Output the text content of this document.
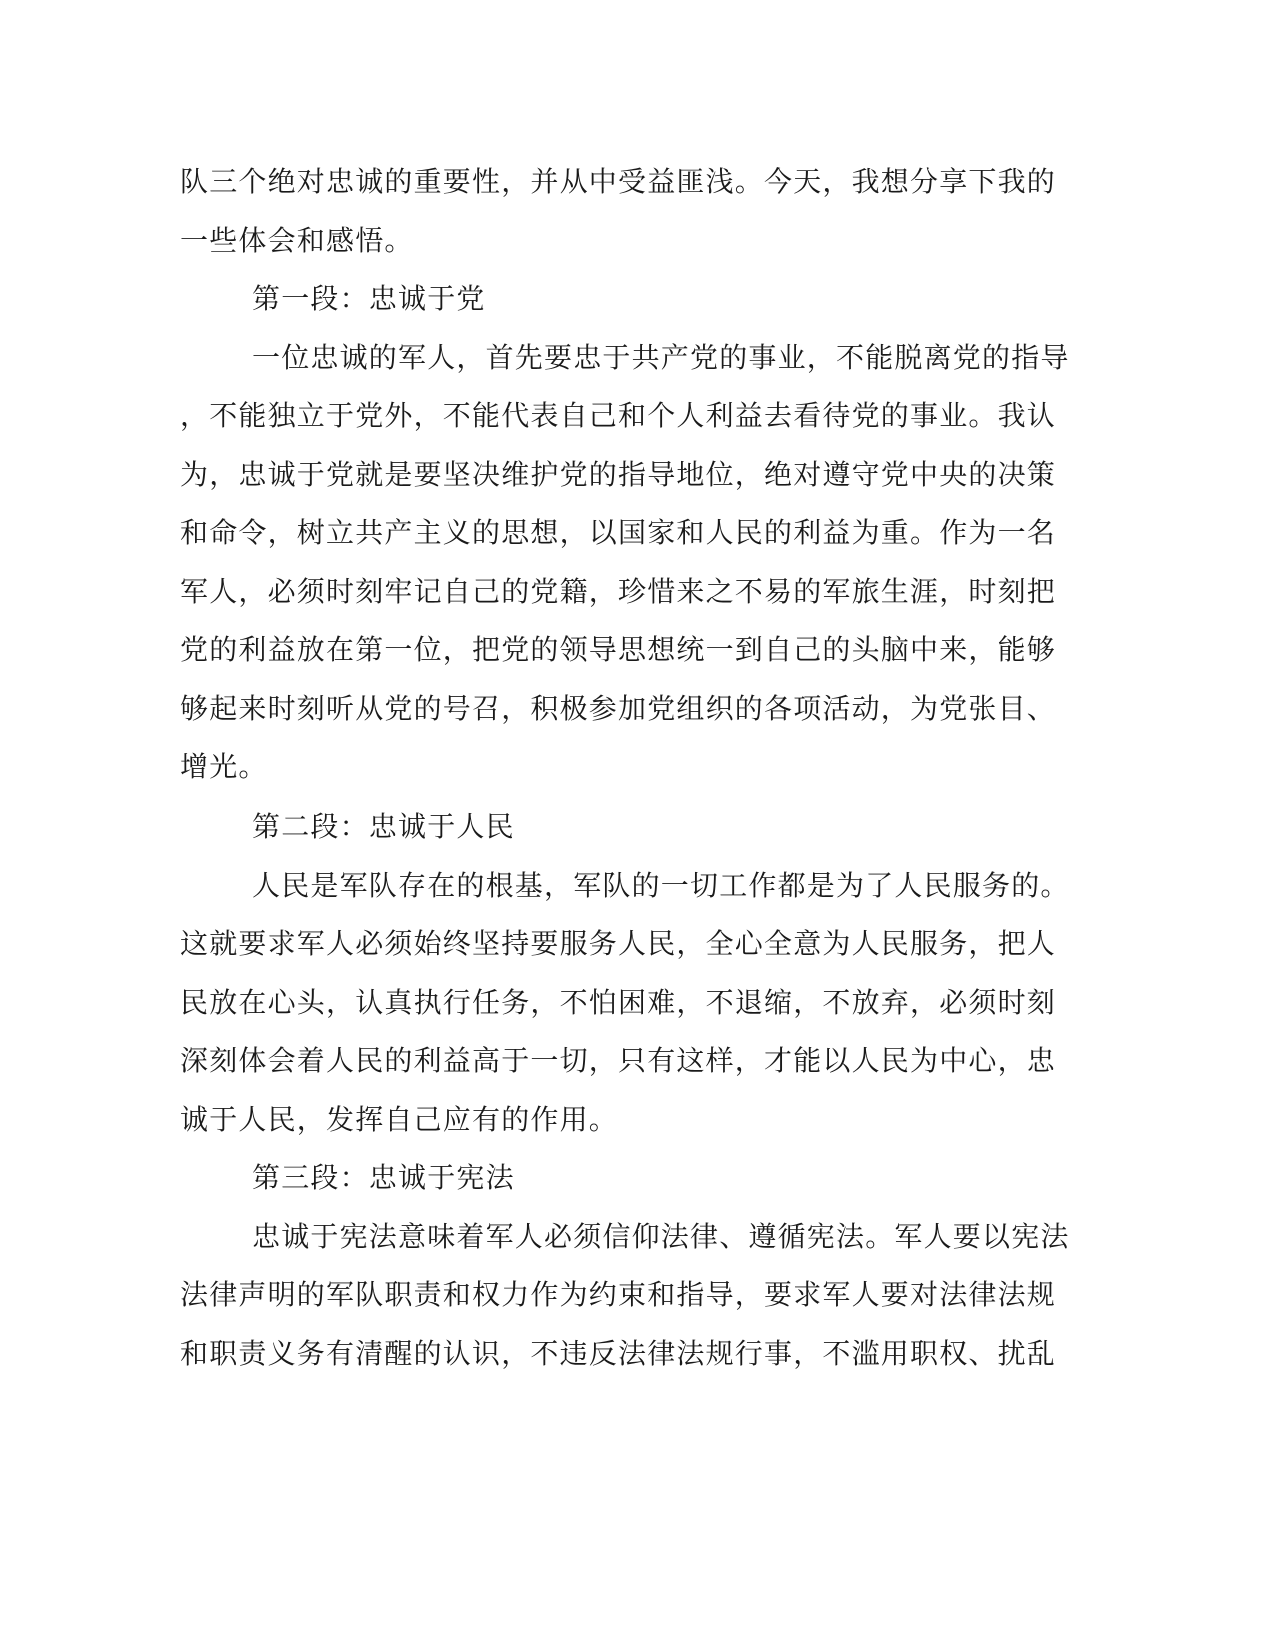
队三个绝对忠诚的重要性，并从中受益匪浅。今天，我想分享下我的
一些体会和感悟。
第一段：忠诚于党
一位忠诚的军人，首先要忠于共产党的事业，不能脱离党的指导
，不能独立于党外，不能代表自己和个人利益去看待党的事业。我认
为，忠诚于党就是要坚决维护党的指导地位，绝对遵守党中央的决策
和命令，树立共产主义的思想，以国家和人民的利益为重。作为一名
军人，必须时刻牢记自己的党籍，珍惜来之不易的军旅生涯，时刻把
党的利益放在第一位，把党的领导思想统一到自己的头脑中来，能够
够起来时刻听从党的号召，积极参加党组织的各项活动，为党张目、
增光。
第二段：忠诚于人民
人民是军队存在的根基，军队的一切工作都是为了人民服务的。
这就要求军人必须始终坚持要服务人民，全心全意为人民服务，把人
民放在心头，认真执行任务，不怕困难，不退缩，不放弃，必须时刻
深刻体会着人民的利益高于一切，只有这样，才能以人民为中心，忠
诚于人民，发挥自己应有的作用。
第三段：忠诚于宪法
忠诚于宪法意味着军人必须信仰法律、遵循宪法。军人要以宪法
法律声明的军队职责和权力作为约束和指导，要求军人要对法律法规
和职责义务有清醒的认识，不违反法律法规行事，不滥用职权、扰乱
